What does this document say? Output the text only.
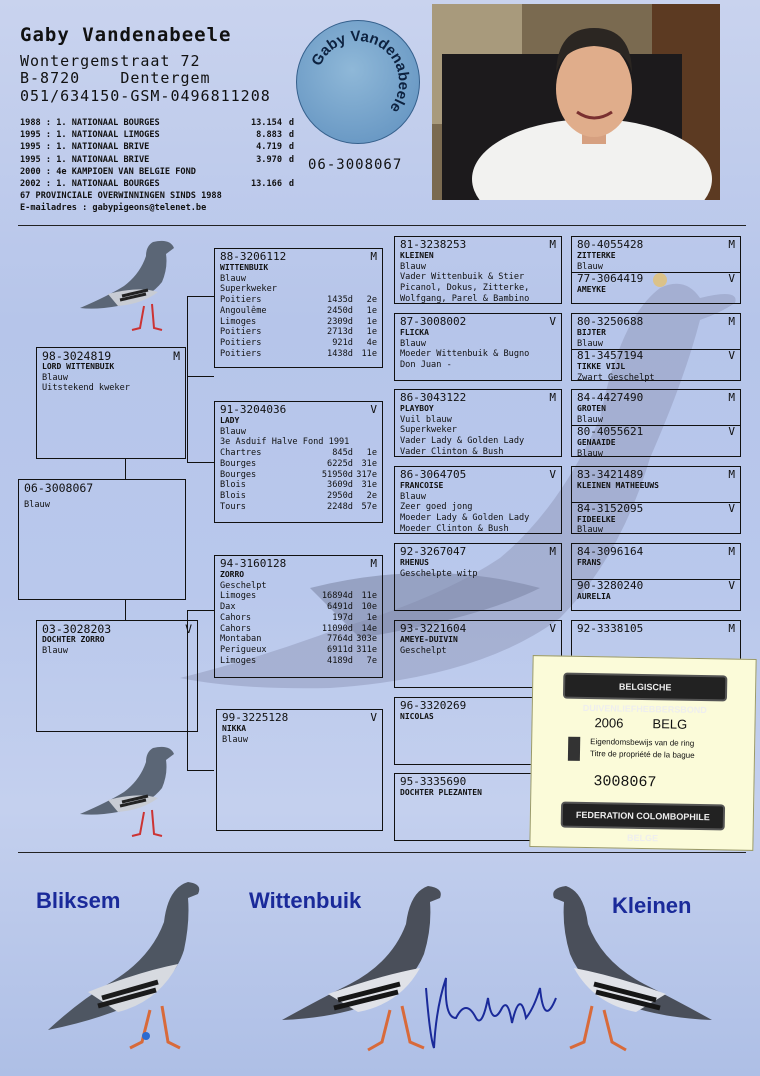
Gaby Vandenabeele
Wontergemstraat 72
B-8720	Dentergem
051/634150-GSM-0496811208
Gaby Vandenabeele
1988 : 1. NATIONAAL BOURGES	13.154 d
1995 : 1. NATIONAAL LIMOGES	8.883 d
1995 : 1. NATIONAAL BRIVE	4.719 d
1995 : 1. NATIONAAL BRIVE	3.970 d
2000 : 4e KAMPIOEN VAN BELGIE FOND
2002 : 1. NATIONAAL BOURGES	13.166 d
67 PROVINCIALE OVERWINNINGEN SINDS 1988
E-mailadres : gabypigeons@telenet.be
06-3008067
98-3024819	M
LORD WITTENBUIK
Blauw
Uitstekend kweker
06-3008067
Blauw
03-3028203	V
DOCHTER ZORRO
Blauw
88-3206112	M
WITTENBUIK
Blauw
Superkweker
Poitiers	1435d	2e
Angoulême	2450d	1e
Limoges	2309d	1e
Poitiers	2713d	1e
Poitiers	921d	4e
Poitiers	1438d 11e
91-3204036	V
LADY
Blauw
3e Asduif Halve Fond 1991
Chartres	845d	1e
Bourges	6225d 31e
Bourges	51950d 317e
Blois	3609d 31e
Blois	2950d	2e
Tours	2248d 57e
94-3160128	M
ZORRO
Geschelpt
Limoges	16894d 11e
Dax	6491d 10e
Cahors	197d	1e
Cahors	11090d 14e
Montaban	7764d 303e
Perigueux	6911d 311e
Limoges	4189d	7e
99-3225128	V
NIKKA
Blauw
81-3238253	M
KLEINEN
Blauw
Vader Wittenbuik & Stier
Picanol, Dokus, Zitterke,
Wolfgang, Parel & Bambino
87-3008002	V
FLICKA
Blauw
Moeder Wittenbuik & Bugno
Don Juan -
86-3043122	M
PLAYBOY
Vuil blauw
Superkweker
Vader Lady & Golden Lady
Vader Clinton & Bush
86-3064705	V
FRANCOISE
Blauw
Zeer goed jong
Moeder Lady & Golden Lady
Moeder Clinton & Bush
92-3267047	M
RHENUS
Geschelpte witp
93-3221604	V
AMEYE-DUIVIN
Geschelpt
96-3320269
NICOLAS
95-3335690
DOCHTER PLEZANTEN
80-4055428	M
ZITTERKE
Blauw
77-3064419	V
AMEYKE
80-3250688	M
BIJTER
Blauw
81-3457194	V
TIKKE VIJL
Zwart Geschelpt
84-4427490	M
GROTEN
Blauw
80-4055621	V
GENAAIDE
Blauw
83-3421489	M
KLEINEN MATHEEUWS
84-3152095	V
FIDEELKE
Blauw
84-3096164	M
FRANS
90-3280240	V
AURELIA
92-3338105	M
BELGISCHE DUIVENLIEFHEBBERSBOND
2006 BELG
Eigendomsbewijs van de ring
Titre de propriété de la bague
3008067
FEDERATION COLOMBOPHILE BELGE
Bliksem	Wittenbuik	Kleinen
